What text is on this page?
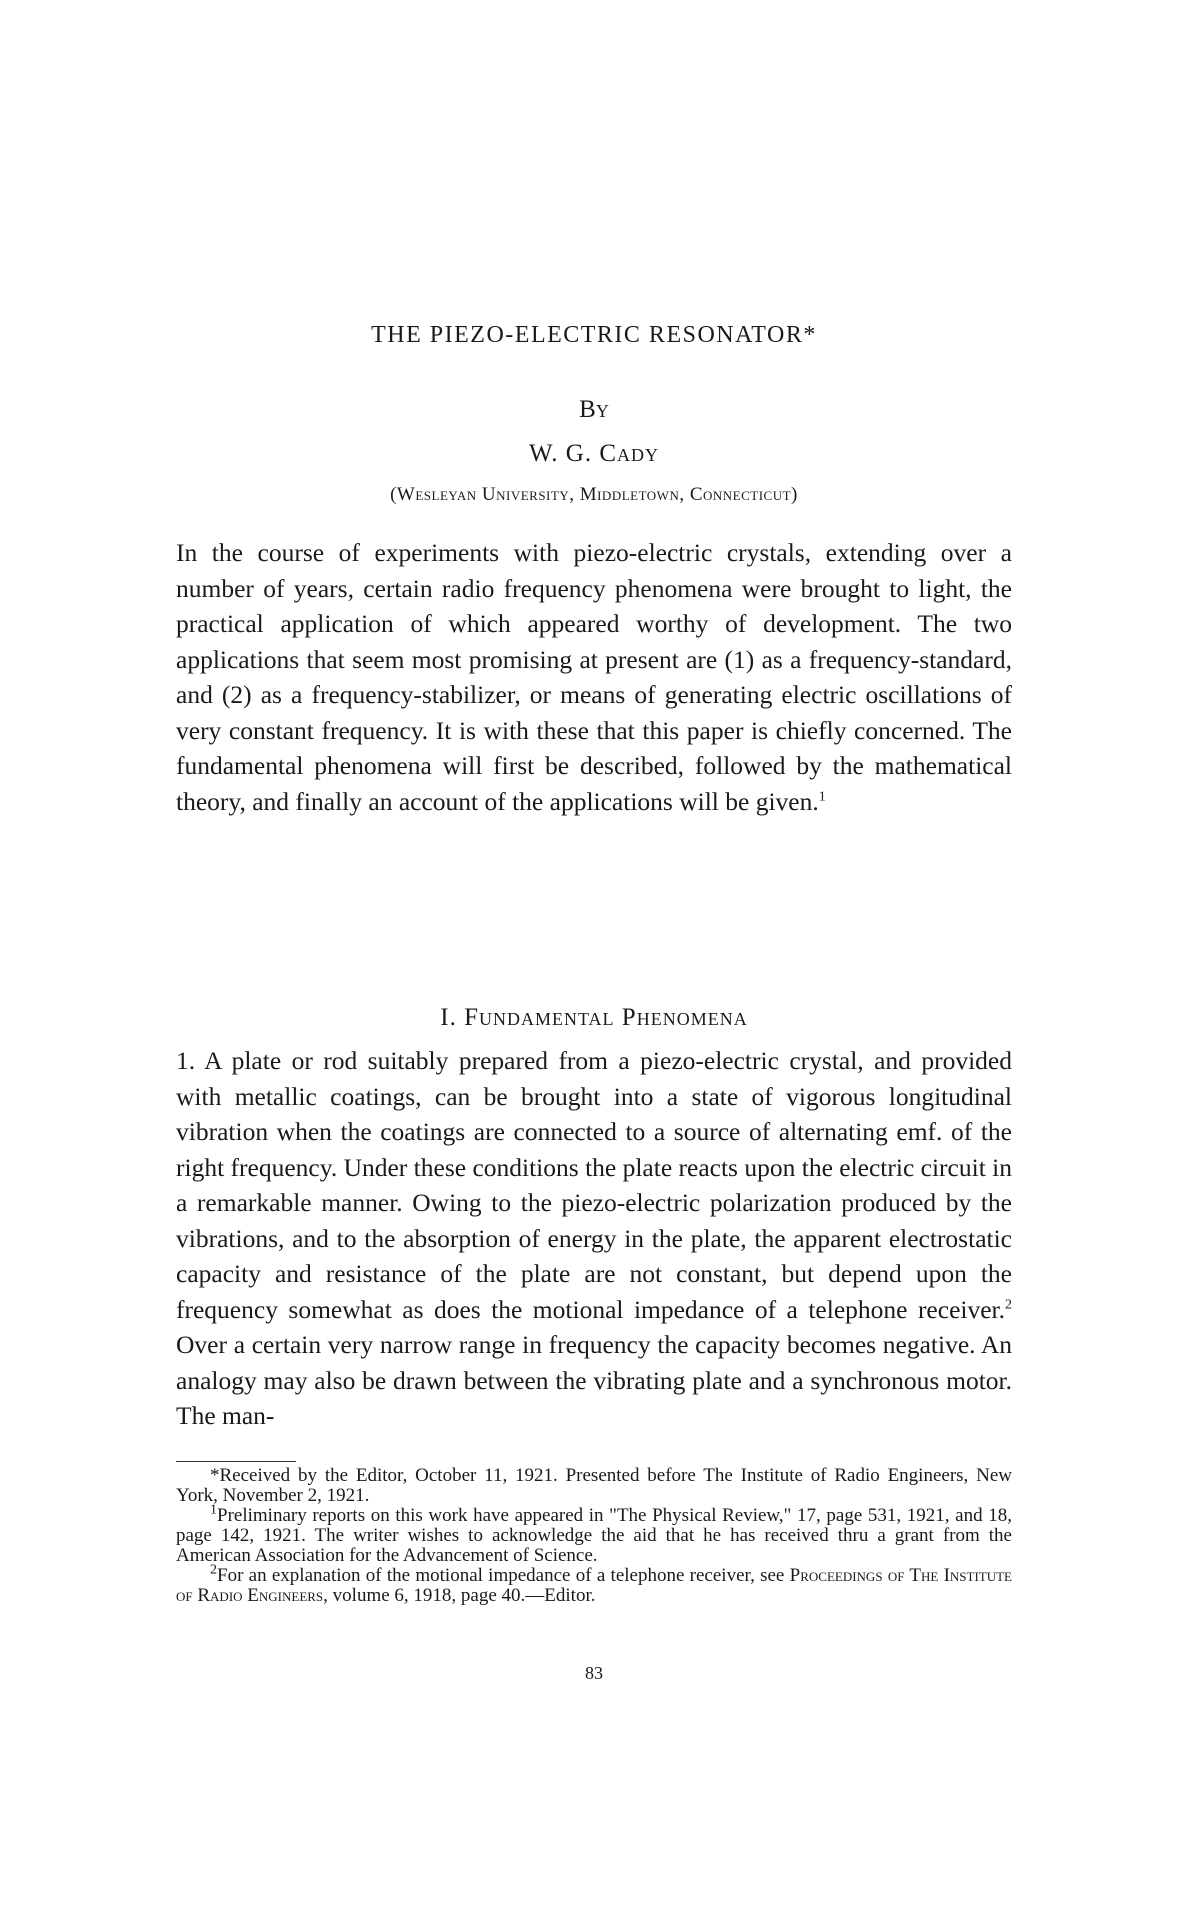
THE PIEZO-ELECTRIC RESONATOR*
By
W. G. Cady
(Wesleyan University, Middletown, Connecticut)

In the course of experiments with piezo-electric crystals, extending over a number of years, certain radio frequency phenomena were brought to light, the practical application of which appeared worthy of development. The two applications that seem most promising at present are (1) as a frequency-standard, and (2) as a frequency-stabilizer, or means of generating electric oscillations of very constant frequency. It is with these that this paper is chiefly concerned. The fundamental phenomena will first be described, followed by the mathematical theory, and finally an account of the applications will be given.$^1$

I. Fundamental Phenomena

1. A plate or rod suitably prepared from a piezo-electric crystal, and provided with metallic coatings, can be brought into a state of vigorous longitudinal vibration when the coatings are connected to a source of alternating emf. of the right frequency. Under these conditions the plate reacts upon the electric circuit in a remarkable manner. Owing to the piezo-electric polarization produced by the vibrations, and to the absorption of energy in the plate, the apparent electrostatic capacity and resistance of the plate are not constant, but depend upon the frequency somewhat as does the motional impedance of a telephone receiver.$^2$ Over a certain very narrow range in frequency the capacity becomes negative. An analogy may also be drawn between the vibrating plate and a synchronous motor. The man-

*Received by the Editor, October 11, 1921. Presented before The Institute of Radio Engineers, New York, November 2, 1921.

$^1$Preliminary reports on this work have appeared in "The Physical Review," 17, page 531, 1921, and 18, page 142, 1921. The writer wishes to acknowledge the aid that he has received thru a grant from the American Association for the Advancement of Science.

$^2$For an explanation of the motional impedance of a telephone receiver, see Proceedings of The Institute of Radio Engineers, volume 6, 1918, page 40.—Editor.

83
